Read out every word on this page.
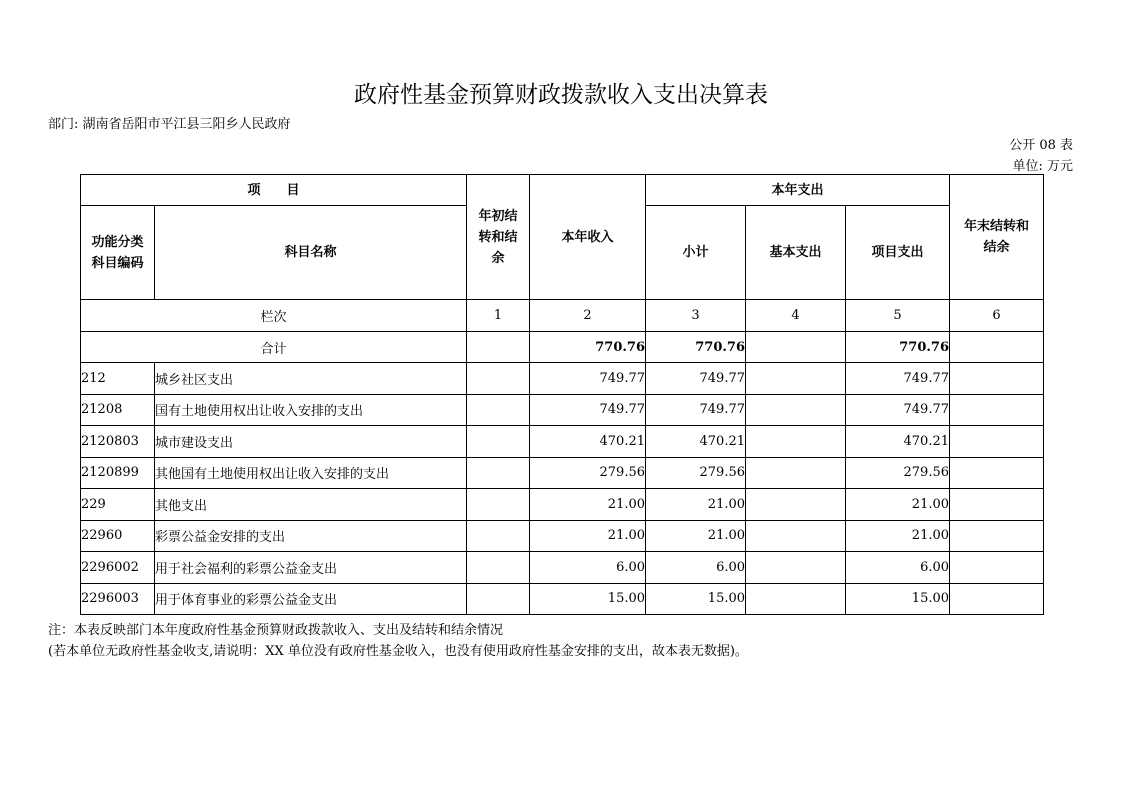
政府性基金预算财政拨款收入支出决算表
部门: 湖南省岳阳市平江县三阳乡人民政府
公开 08 表
单位: 万元
项　　目		年初结转和结余	本年收入	本年支出			年末结转和结余
功能分类科目编码	科目名称			小计	基本支出	项目支出	
栏次		1	2	3	4	5	6
合计			770.76	770.76		770.76	
212	城乡社区支出		749.77	749.77		749.77	
21208	国有土地使用权出让收入安排的支出		749.77	749.77		749.77	
2120803	城市建设支出		470.21	470.21		470.21	
2120899	其他国有土地使用权出让收入安排的支出		279.56	279.56		279.56	
229	其他支出		21.00	21.00		21.00	
22960	彩票公益金安排的支出		21.00	21.00		21.00	
2296002	用于社会福利的彩票公益金支出		6.00	6.00		6.00	
2296003	用于体育事业的彩票公益金支出		15.00	15.00		15.00	
注：本表反映部门本年度政府性基金预算财政拨款收入、支出及结转和结余情况
(若本单位无政府性基金收支,请说明：XX 单位没有政府性基金收入，也没有使用政府性基金安排的支出，故本表无数据)。
